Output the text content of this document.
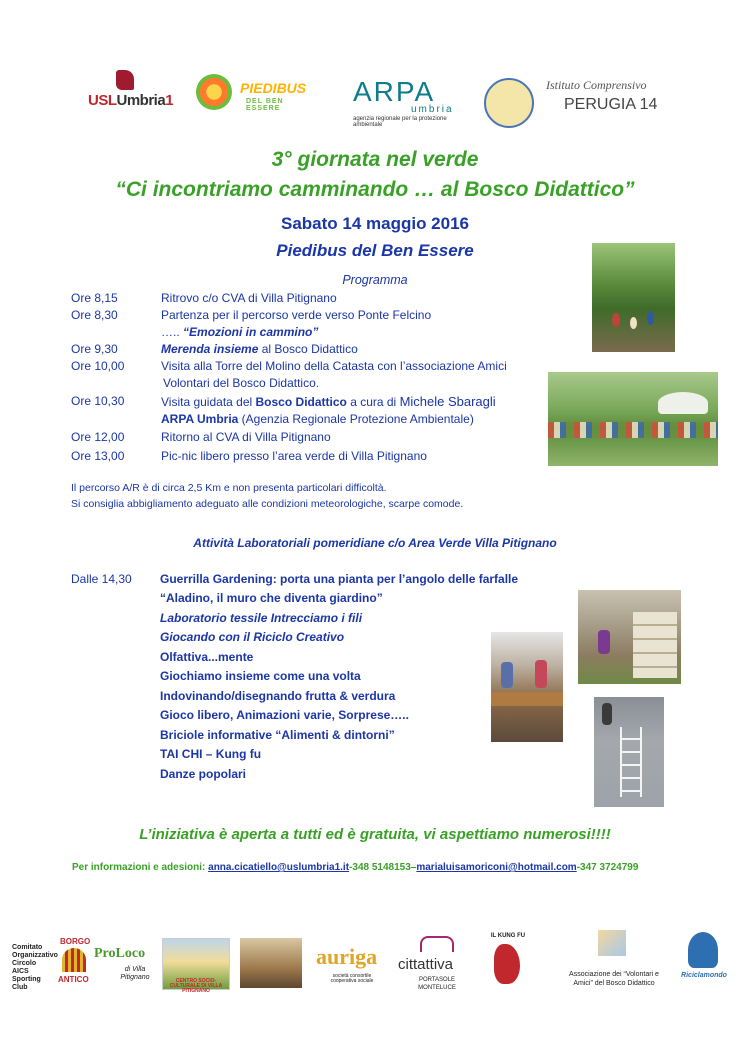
USLUmbria1
PIEDIBUS
DEL BEN ESSERE
ARPA
umbria
agenzia regionale per la protezione ambientale
Istituto Comprensivo
PERUGIA 14
3° giornata nel verde
“Ci incontriamo camminando … al Bosco Didattico”
Sabato 14 maggio 2016
Piedibus del Ben Essere
Programma
Ore 8,15	Ritrovo c/o CVA di Villa Pitignano
Ore 8,30	Partenza per il percorso verde verso Ponte Felcino
….. “Emozioni in cammino”
Ore 9,30	Merenda insieme al Bosco Didattico
Ore 10,00	Visita alla Torre del Molino della Catasta con l’associazione Amici
Volontari del Bosco Didattico.
Ore 10,30	Visita guidata del Bosco Didattico a cura di Michele Sbaragli
ARPA Umbria (Agenzia Regionale Protezione Ambientale)
Ore 12,00	Ritorno al CVA di Villa Pitignano
Ore 13,00	Pic-nic libero presso l’area verde di Villa Pitignano
Il percorso A/R è di circa 2,5 Km e non presenta particolari difficoltà.
Si consiglia abbigliamento adeguato alle condizioni meteorologiche, scarpe comode.
Attività Laboratoriali pomeridiane c/o Area Verde Villa Pitignano
Dalle 14,30 Guerrilla Gardening: porta una pianta per l’angolo delle farfalle
“Aladino, il muro che diventa giardino”
Laboratorio tessile Intrecciamo i fili
Giocando con il Riciclo Creativo
Olfattiva...mente
Giochiamo insieme come una volta
Indovinando/disegnando frutta & verdura
Gioco libero, Animazioni varie, Sorprese…..
Briciole informative “Alimenti & dintorni”
TAI CHI – Kung fu
Danze popolari
L’iniziativa è aperta a tutti ed è gratuita, vi aspettiamo numerosi!!!!
Per informazioni e adesioni: anna.cicatiello@uslumbria1.it-348 5148153–marialuisamoriconi@hotmail.com-347 3724799
Comitato
Organizzativo
Circolo AICS
Sporting Club
BORGO
ANTICO
ProLoco
di Villa Pitignano	CENTRO SOCIO-CULTURALE DI VILLA PITIGNANO
auriga
società consortile cooperativa sociale
cittattiva
PORTASOLE MONTELUCE
IL KUNG FU
Associazione dei “Volontari e Amici” del Bosco Didattico
Riciclamondo
